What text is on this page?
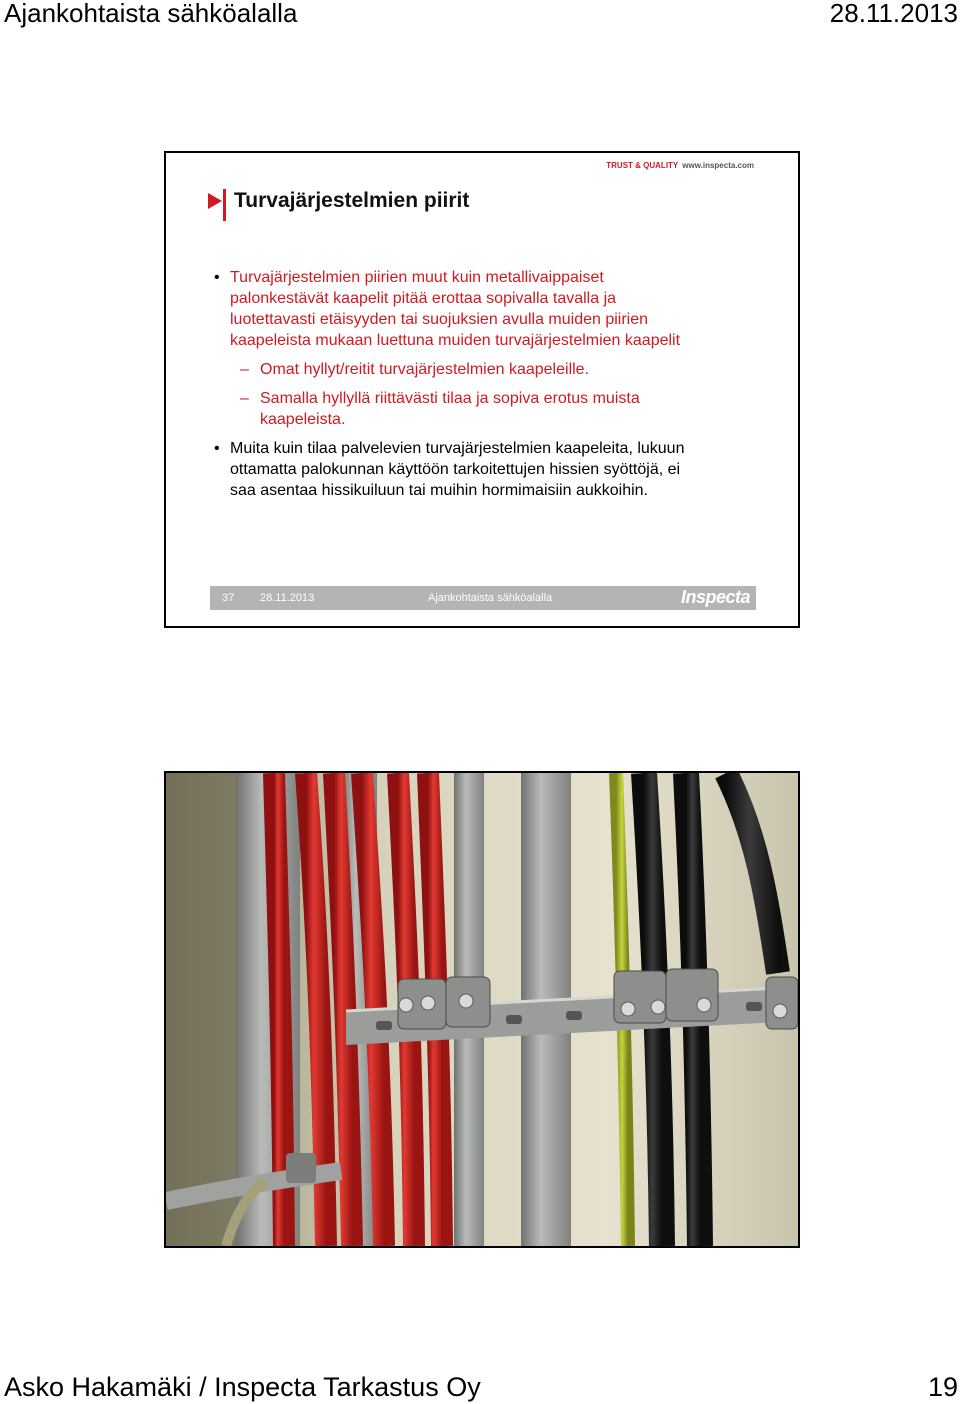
Ajankohtaista sähköalalla	28.11.2013
TRUST & QUALITY www.inspecta.com
Turvajärjestelmien piirit
• Turvajärjestelmien piirien muut kuin metallivaippaiset
palonkestävät kaapelit pitää erottaa sopivalla tavalla ja
luotettavasti etäisyyden tai suojuksien avulla muiden piirien
kaapeleista mukaan luettuna muiden turvajärjestelmien kaapelit
– Omat hyllyt/reitit turvajärjestelmien kaapeleille.
– Samalla hyllyllä riittävästi tilaa ja sopiva erotus muista
kaapeleista.
• Muita kuin tilaa palvelevien turvajärjestelmien kaapeleita, lukuun
ottamatta palokunnan käyttöön tarkoitettujen hissien syöttöjä, ei
saa asentaa hissikuiluun tai muihin hormimaisiin aukkoihin.
37 28.11.2013	Ajankohtaista sähköalalla	Inspecta
Asko Hakamäki / Inspecta Tarkastus Oy	19
